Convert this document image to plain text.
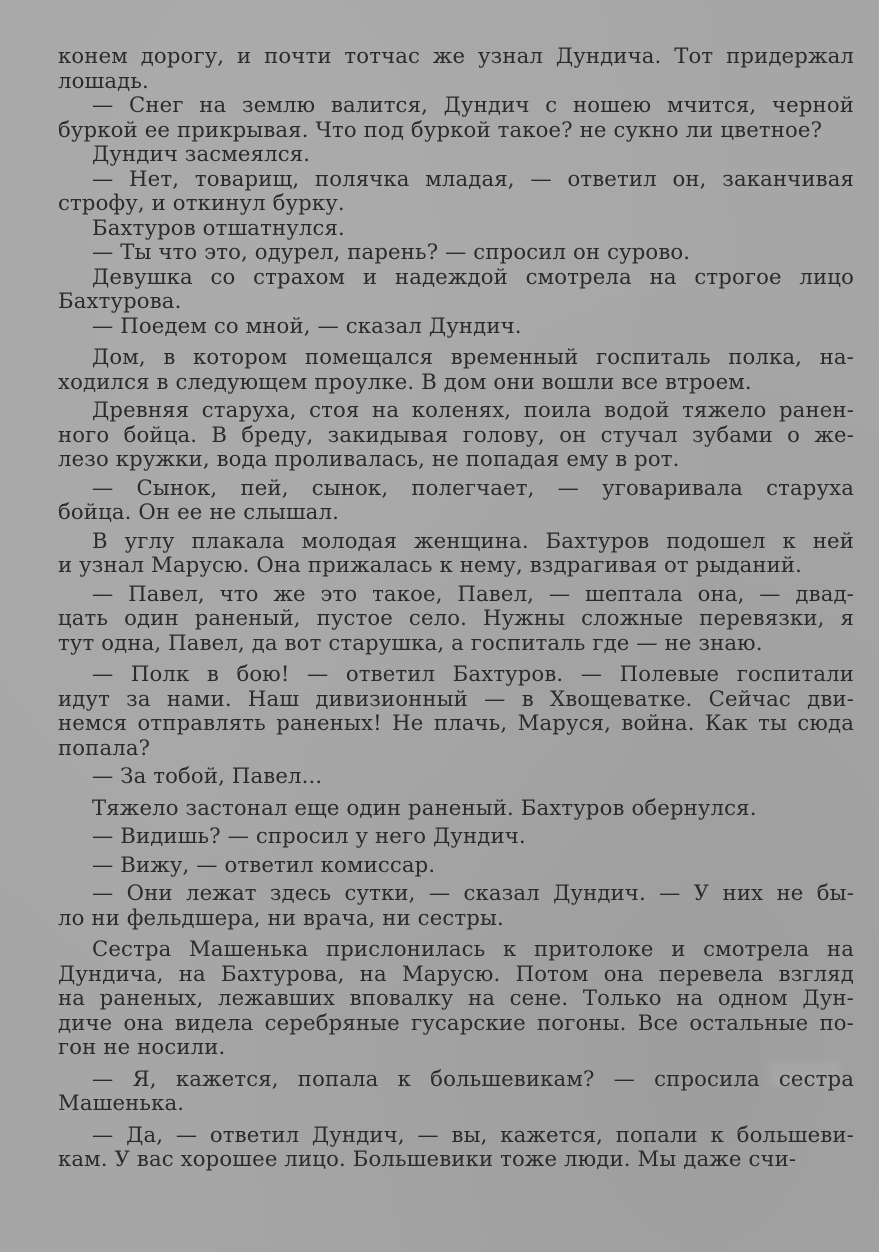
конем дорогу, и почти тотчас же узнал Дундича. Тот придержал
лошадь.
— Снег на землю валится, Дундич с ношею мчится, черной
буркой ее прикрывая. Что под буркой такое? не сукно ли цветное?
Дундич засмеялся.
— Нет, товарищ, полячка младая, — ответил он, заканчивая
строфу, и откинул бурку.
Бахтуров отшатнулся.
— Ты что это, одурел, парень? — спросил он сурово.
Девушка со страхом и надеждой смотрела на строгое лицо
Бахтурова.
— Поедем со мной, — сказал Дундич.
Дом, в котором помещался временный госпиталь полка, на-
ходился в следующем проулке. В дом они вошли все втроем.
Древняя старуха, стоя на коленях, поила водой тяжело ранен-
ного бойца. В бреду, закидывая голову, он стучал зубами о же-
лезо кружки, вода проливалась, не попадая ему в рот.
— Сынок, пей, сынок, полегчает, — уговаривала старуха
бойца. Он ее не слышал.
В углу плакала молодая женщина. Бахтуров подошел к ней
и узнал Марусю. Она прижалась к нему, вздрагивая от рыданий.
— Павел, что же это такое, Павел, — шептала она, — двад-
цать один раненый, пустое село. Нужны сложные перевязки, я
тут одна, Павел, да вот старушка, а госпиталь где — не знаю.
— Полк в бою! — ответил Бахтуров. — Полевые госпитали
идут за нами. Наш дивизионный — в Хвощеватке. Сейчас дви-
немся отправлять раненых! Не плачь, Маруся, война. Как ты сюда
попала?
— За тобой, Павел...
Тяжело застонал еще один раненый. Бахтуров обернулся.
— Видишь? — спросил у него Дундич.
— Вижу, — ответил комиссар.
— Они лежат здесь сутки, — сказал Дундич. — У них не бы-
ло ни фельдшера, ни врача, ни сестры.
Сестра Машенька прислонилась к притолоке и смотрела на
Дундича, на Бахтурова, на Марусю. Потом она перевела взгляд
на раненых, лежавших вповалку на сене. Только на одном Дун-
диче она видела серебряные гусарские погоны. Все остальные по-
гон не носили.
— Я, кажется, попала к большевикам? — спросила сестра
Машенька.
— Да, — ответил Дундич, — вы, кажется, попали к большеви-
кам. У вас хорошее лицо. Большевики тоже люди. Мы даже счи-
